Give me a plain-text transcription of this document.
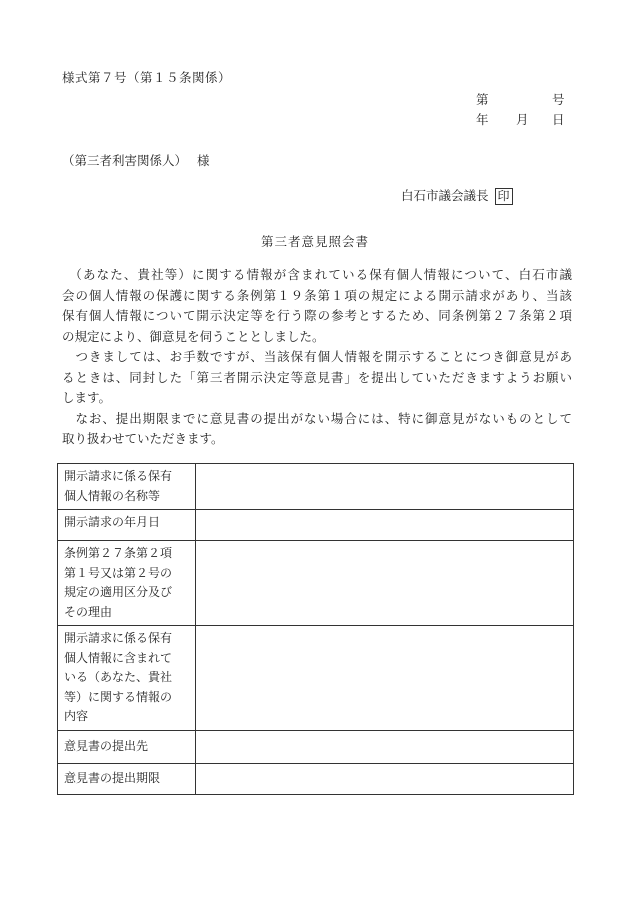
様式第７号（第１５条関係）
第	号
年 月 日
（第三者利害関係人） 様
白石市議会議長 印
第三者意見照会書
　（あなた、貴社等）に関する情報が含まれている保有個人情報について、白石市議
会の個人情報の保護に関する条例第１９条第１項の規定による開示請求があり、当該
保有個人情報について開示決定等を行う際の参考とするため、同条例第２７条第２項
の規定により、御意見を伺うこととしました。
　つきましては、お手数ですが、当該保有個人情報を開示することにつき御意見があ
るときは、同封した「第三者開示決定等意見書」を提出していただきますようお願い
します。
　なお、提出期限までに意見書の提出がない場合には、特に御意見がないものとして
取り扱わせていただきます。
開示請求に係る保有
個人情報の名称等	

開示請求の年月日	

条例第２７条第２項
第１号又は第２号の
規定の適用区分及び
その理由	

開示請求に係る保有
個人情報に含まれて
いる（あなた、貴社
等）に関する情報の
内容	

意見書の提出先	

意見書の提出期限	
